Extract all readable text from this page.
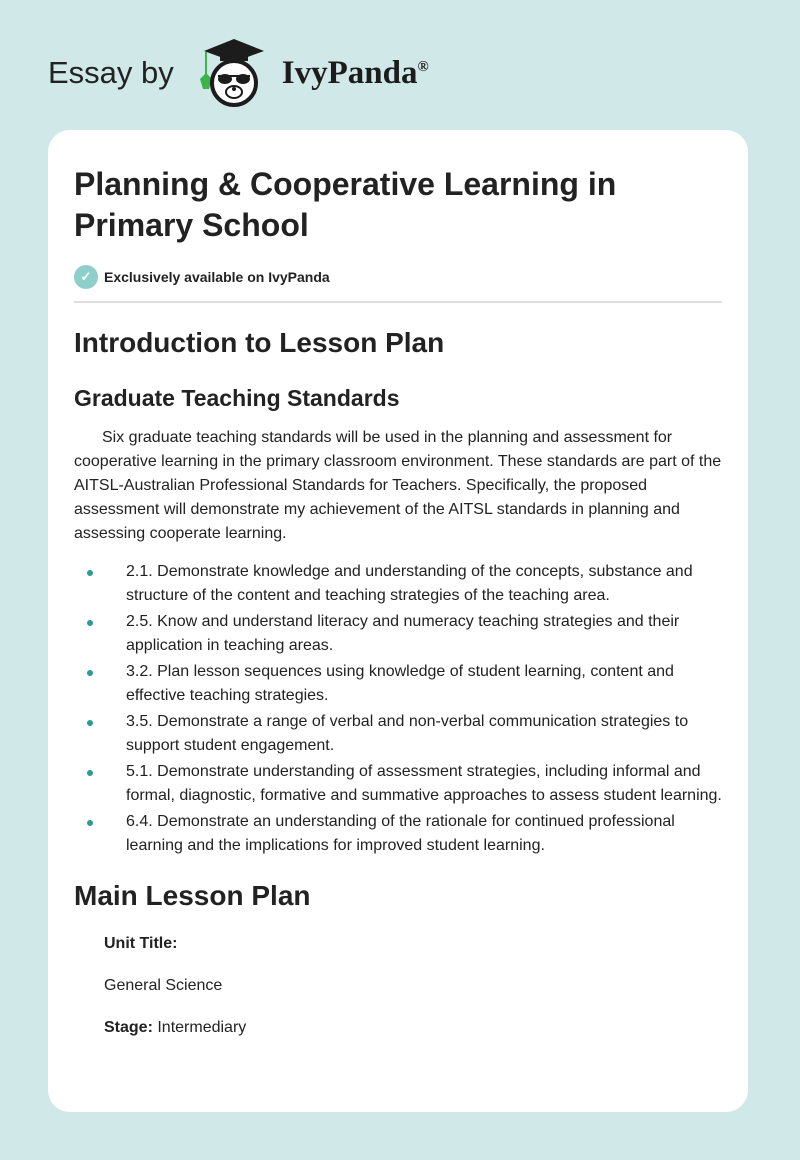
Essay by	IvyPanda®
Planning & Cooperative Learning in Primary School
✓ Exclusively available on IvyPanda
Introduction to Lesson Plan
Graduate Teaching Standards

Six graduate teaching standards will be used in the planning and assessment for cooperative learning in the primary classroom environment. These standards are part of the AITSL-Australian Professional Standards for Teachers. Specifically, the proposed assessment will demonstrate my achievement of the AITSL standards in planning and assessing cooperate learning.

2.1. Demonstrate knowledge and understanding of the concepts, substance and structure of the content and teaching strategies of the teaching area.
2.5. Know and understand literacy and numeracy teaching strategies and their application in teaching areas.
3.2. Plan lesson sequences using knowledge of student learning, content and effective teaching strategies.
3.5. Demonstrate a range of verbal and non-verbal communication strategies to support student engagement.
5.1. Demonstrate understanding of assessment strategies, including informal and formal, diagnostic, formative and summative approaches to assess student learning.
6.4. Demonstrate an understanding of the rationale for continued professional learning and the implications for improved student learning.
Main Lesson Plan

Unit Title:

General Science

Stage: Intermediary
